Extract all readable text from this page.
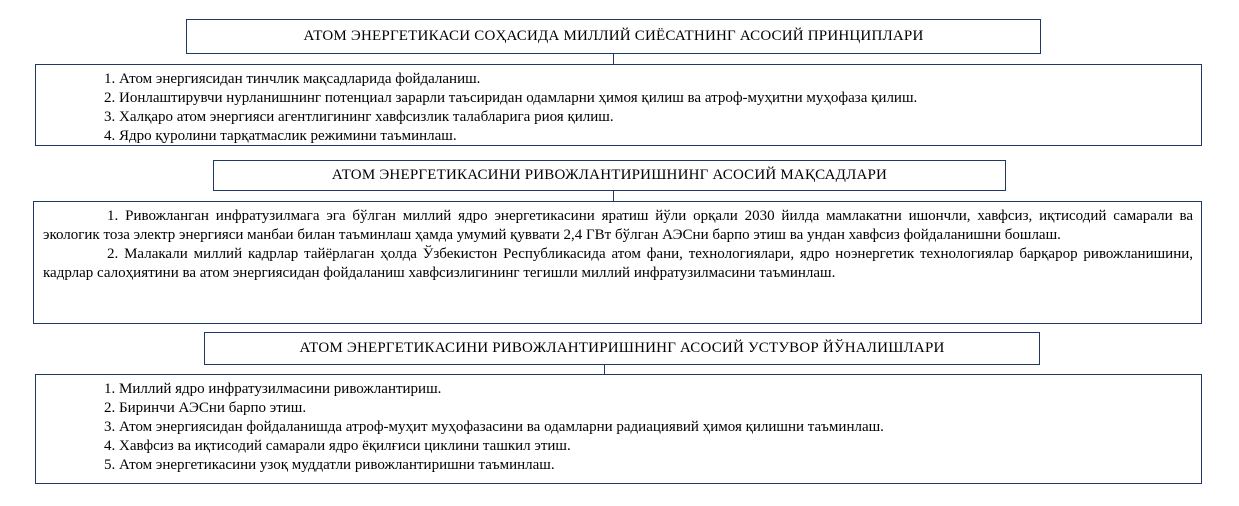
АТОМ ЭНЕРГЕТИКАСИ СОҲАСИДА МИЛЛИЙ СИЁСАТНИНГ АСОСИЙ ПРИНЦИПЛАРИ
1. Атом энергиясидан тинчлик мақсадларида фойдаланиш.
2. Ионлаштирувчи нурланишнинг потенциал зарарли таъсиридан одамларни ҳимоя қилиш ва атроф-муҳитни муҳофаза қилиш.
3. Халқаро атом энергияси агентлигининг хавфсизлик талабларига риоя қилиш.
4. Ядро қуролини тарқатмаслик режимини таъминлаш.
АТОМ ЭНЕРГЕТИКАСИНИ РИВОЖЛАНТИРИШНИНГ АСОСИЙ МАҚСАДЛАРИ

1. Ривожланган инфратузилмага эга бўлган миллий ядро энергетикасини яратиш йўли орқали 2030 йилда мамлакатни ишончли, хавфсиз, иқтисодий самарали ва экологик тоза электр энергияси манбаи билан таъминлаш ҳамда умумий қуввати 2,4 ГВт бўлган АЭСни барпо этиш ва ундан хавфсиз фойдаланишни бошлаш.

2. Малакали миллий кадрлар тайёрлаган ҳолда Ўзбекистон Республикасида атом фани, технологиялари, ядро ноэнергетик технологиялар барқарор ривожланишини, кадрлар салоҳиятини ва атом энергиясидан фойдаланиш хавфсизлигининг тегишли миллий инфратузилмасини таъминлаш.

АТОМ ЭНЕРГЕТИКАСИНИ РИВОЖЛАНТИРИШНИНГ АСОСИЙ УСТУВОР ЙЎНАЛИШЛАРИ
1. Миллий ядро инфратузилмасини ривожлантириш.
2. Биринчи АЭСни барпо этиш.
3. Атом энергиясидан фойдаланишда атроф-муҳит муҳофазасини ва одамларни радиациявий ҳимоя қилишни таъминлаш.
4. Хавфсиз ва иқтисодий самарали ядро ёқилғиси циклини ташкил этиш.
5. Атом энергетикасини узоқ муддатли ривожлантиришни таъминлаш.
